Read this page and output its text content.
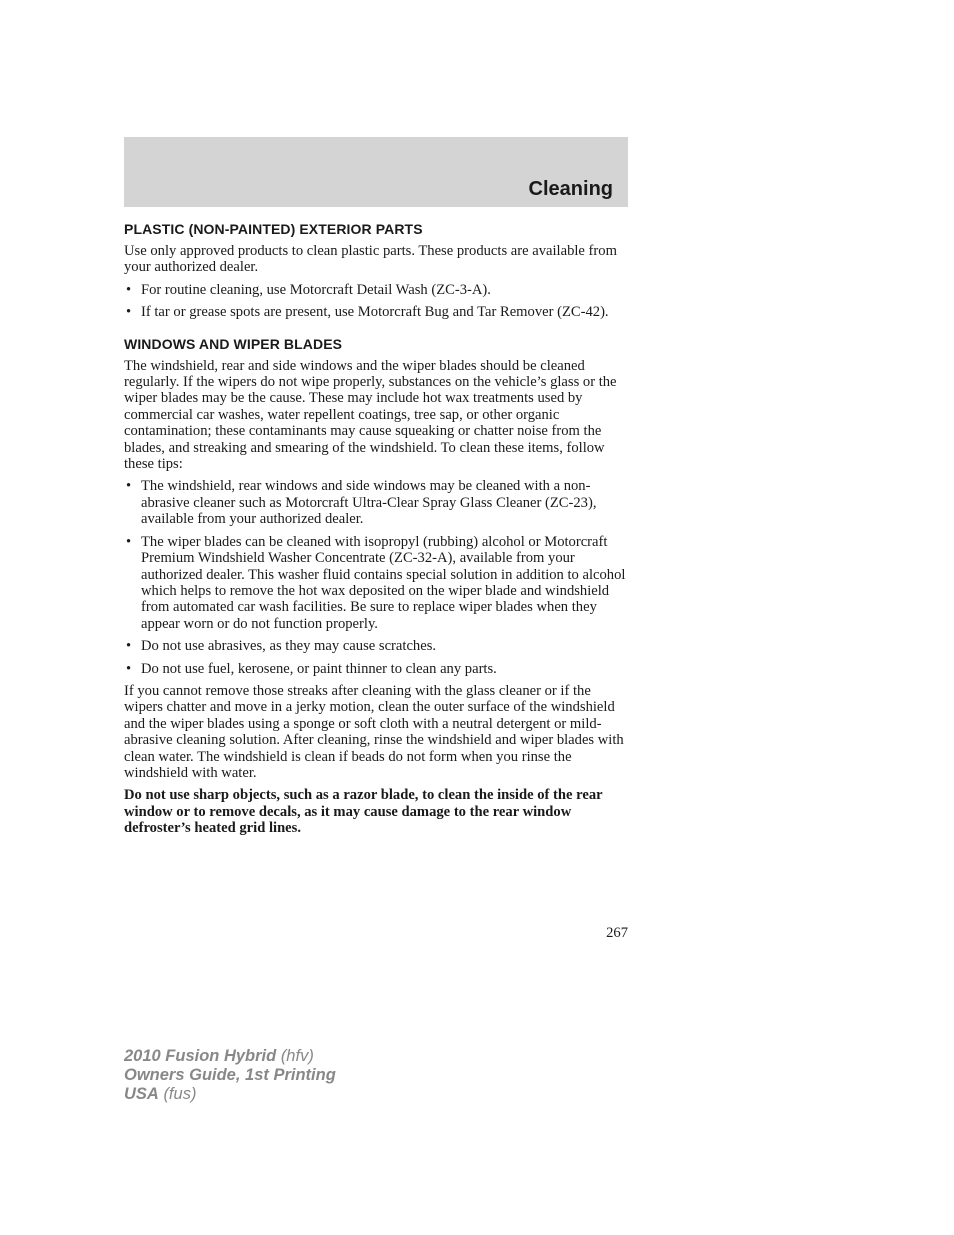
Cleaning
PLASTIC (NON-PAINTED) EXTERIOR PARTS

Use only approved products to clean plastic parts. These products are available from your authorized dealer.

• For routine cleaning, use Motorcraft Detail Wash (ZC-3-A).
• If tar or grease spots are present, use Motorcraft Bug and Tar Remover (ZC-42).
WINDOWS AND WIPER BLADES

The windshield, rear and side windows and the wiper blades should be cleaned regularly. If the wipers do not wipe properly, substances on the vehicle’s glass or the wiper blades may be the cause. These may include hot wax treatments used by commercial car washes, water repellent coatings, tree sap, or other organic contamination; these contaminants may cause squeaking or chatter noise from the blades, and streaking and smearing of the windshield. To clean these items, follow these tips:

• The windshield, rear windows and side windows may be cleaned with a non-abrasive cleaner such as Motorcraft Ultra-Clear Spray Glass Cleaner (ZC-23), available from your authorized dealer.
• The wiper blades can be cleaned with isopropyl (rubbing) alcohol or Motorcraft Premium Windshield Washer Concentrate (ZC-32-A), available from your authorized dealer. This washer fluid contains special solution in addition to alcohol which helps to remove the hot wax deposited on the wiper blade and windshield from automated car wash facilities. Be sure to replace wiper blades when they appear worn or do not function properly.
• Do not use abrasives, as they may cause scratches.
• Do not use fuel, kerosene, or paint thinner to clean any parts.

If you cannot remove those streaks after cleaning with the glass cleaner or if the wipers chatter and move in a jerky motion, clean the outer surface of the windshield and the wiper blades using a sponge or soft cloth with a neutral detergent or mild-abrasive cleaning solution. After cleaning, rinse the windshield and wiper blades with clean water. The windshield is clean if beads do not form when you rinse the windshield with water.

Do not use sharp objects, such as a razor blade, to clean the inside of the rear window or to remove decals, as it may cause damage to the rear window defroster’s heated grid lines.

267
2010 Fusion Hybrid (hfv)
Owners Guide, 1st Printing
USA (fus)
